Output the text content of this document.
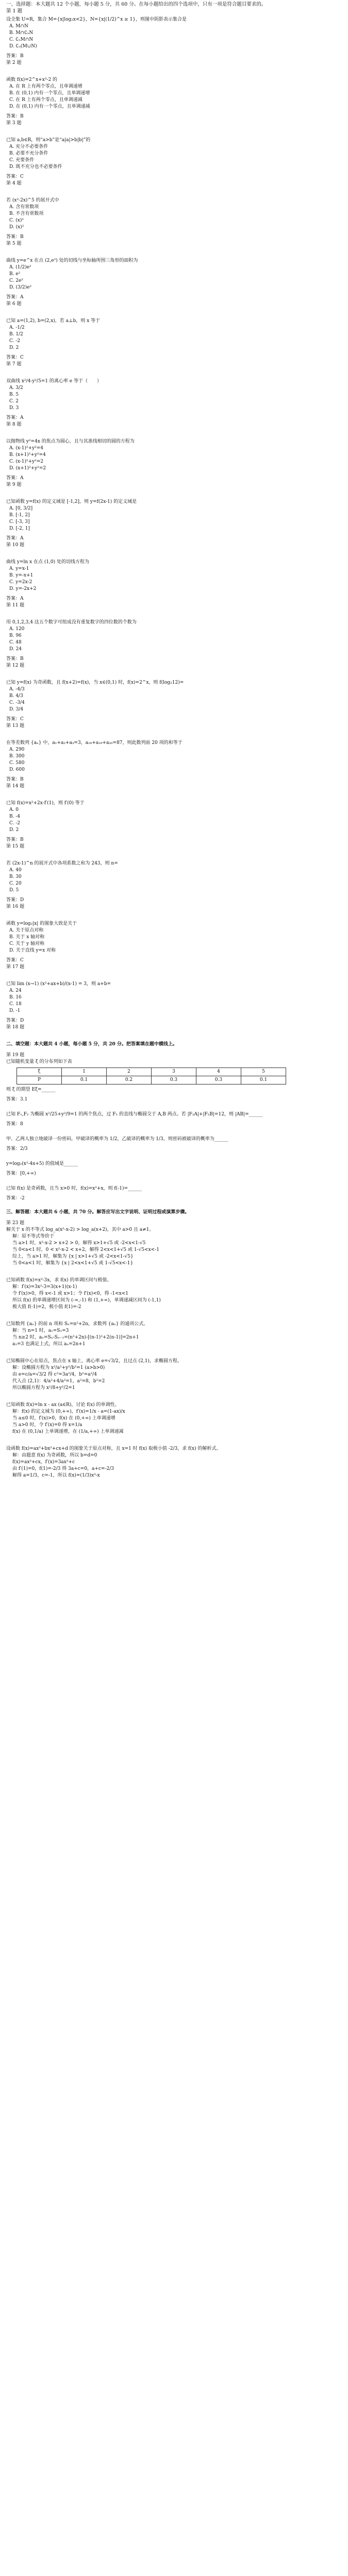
一、选择题：本大题共 12 个小题，每小题 5 分，共 60 分。在每小题给出的四个选项中，只有一项是符合题目要求的。
第 1 题
设全集 U=R，集合 M={x|log₂x<2}，N={x|(1/2)^x ≥ 1}，则图中阴影表示集合是
A. M∩N
B. M∩∁ᵤN
C. ∁ᵤM∩N
D. ∁ᵤ(M∪N)
答案：B
第 2 题
函数 f(x)=2^x+x³-2 的
A. 在 R 上有两个零点，且单调递增
B. 在 (0,1) 内有一个零点，且单调递增
C. 在 R 上有两个零点，且单调递减
D. 在 (0,1) 内有一个零点，且单调递减
答案：B
第 3 题
已知 a,b∈R，则“a>b”是“a|a|>b|b|”的
A. 充分不必要条件
B. 必要不充分条件
C. 充要条件
D. 既不充分也不必要条件
答案：C
第 4 题
若 (x²-2x)^5 的展开式中
A. 含有常数项
B. 不含有常数项
C. (x)²
D. (x)²
答案：B
第 5 题
曲线 y=e^x 在点 (2,e²) 处的切线与坐标轴所围三角形的面积为
A. (1/2)e²
B. e²
C. 2e²
D. (3/2)e²
答案：A
第 6 题
已知 a=(1,2), b=(2,x)，若 a⊥b，则 x 等于
A. -1/2
B. 1/2
C. -2
D. 2
答案：C
第 7 题
双曲线 x²/4-y²/5=1 的离心率 e 等于（　　）
A. 3/2
B. 5
C. 2
D. 3
答案：A
第 8 题
以抛物线 y²=4x 的焦点为圆心，且与其准线相切的圆的方程为
A. (x-1)²+y²=4
B. (x+1)²+y²=4
C. (x-1)²+y²=2
D. (x+1)²+y²=2
答案：A
第 9 题
已知函数 y=f(x) 的定义域是 [-1,2]，则 y=f(2x-1) 的定义域是
A. [0, 3/2]
B. [-1, 2]
C. [-3, 3]
D. [-2, 1]
答案：A
第 10 题
曲线 y=ln x 在点 (1,0) 处的切线方程为
A. y=x-1
B. y=-x+1
C. y=2x-2
D. y=-2x+2
答案：A
第 11 题
用 0,1,2,3,4 这五个数字可组成没有重复数字的四位数的个数为
A. 120
B. 96
C. 48
D. 24
答案：B
第 12 题
已知 y=f(x) 为奇函数，且 f(x+2)=f(x)，当 x∈(0,1) 时，f(x)=2^x，则 f(log₂12)=
A. -4/3
B. 4/3
C. -3/4
D. 3/4
答案：C
第 13 题
在等差数列 {aₙ} 中，a₁+a₂+a₃=3，a₁₈+a₁₉+a₂₀=87，则此数列前 20 项的和等于
A. 290
B. 300
C. 580
D. 600
答案：B
第 14 题
已知 f(x)=x²+2x·f′(1)，则 f′(0) 等于
A. 0
B. -4
C. -2
D. 2
答案：B
第 15 题
若 (2x-1)^n 的展开式中各项系数之和为 243，则 n=
A. 40
B. 30
C. 20
D. 5
答案：D
第 16 题
函数 y=log₂|x| 的图象大致是关于
A. 关于原点对称
B. 关于 x 轴对称
C. 关于 y 轴对称
D. 关于直线 y=x 对称
答案：C
第 17 题
已知 lim (x→1) (x²+ax+b)/(x-1) = 3，则 a+b=
A. 24
B. 16
C. 18
D. -1
答案：D
第 18 题
二、填空题：本大题共 4 小题，每小题 5 分，共 20 分。把答案填在题中横线上。
第 19 题
已知随机变量 ξ 的分布列如下表
ξ	1	2	3	4	5
P	0.1	0.2	0.3	0.3	0.1
则 ξ 的期望 Eξ=______
答案：3.1
已知 F₁,F₂ 为椭圆 x²/25+y²/9=1 的两个焦点，过 F₁ 的直线与椭圆交于 A,B 两点。若 |F₂A|+|F₂B|=12，则 |AB|=______
答案：8
甲、乙两人独立地破译一份密码，甲破译的概率为 1/2，乙破译的概率为 1/3，则密码被破译的概率为______
答案：2/3
y=log₂(x²-4x+5) 的值域是______
答案：[0,+∞)
已知 f(x) 是奇函数，且当 x>0 时，f(x)=x²+x，则 f(-1)=______
答案：-2
三、解答题：本大题共 6 小题，共 70 分。解答应写出文字说明、证明过程或演算步骤。
第 23 题
解关于 x 的不等式 log_a(x²-x-2) > log_a(x+2)，其中 a>0 且 a≠1。
解：原不等式等价于
当 a>1 时，x²-x-2 > x+2 > 0，解得 x>1+√5 或 -2<x<1-√5
当 0<a<1 时，0 < x²-x-2 < x+2，解得 2<x<1+√5 或 1-√5<x<-1
综上，当 a>1 时，解集为 {x | x>1+√5 或 -2<x<1-√5}
当 0<a<1 时，解集为 {x | 2<x<1+√5 或 1-√5<x<-1}
已知函数 f(x)=x³-3x，求 f(x) 的单调区间与极值。
解：f′(x)=3x²-3=3(x+1)(x-1)
令 f′(x)>0，得 x<-1 或 x>1；令 f′(x)<0，得 -1<x<1
所以 f(x) 的单调递增区间为 (-∞,-1) 和 (1,+∞)，单调递减区间为 (-1,1)
极大值 f(-1)=2，极小值 f(1)=-2
已知数列 {aₙ} 的前 n 项和 Sₙ=n²+2n，求数列 {aₙ} 的通项公式。
解：当 n=1 时，a₁=S₁=3
当 n≥2 时，aₙ=Sₙ-Sₙ₋₁=(n²+2n)-[(n-1)²+2(n-1)]=2n+1
a₁=3 也满足上式，所以 aₙ=2n+1
已知椭圆中心在原点，焦点在 x 轴上，离心率 e=√3/2，且过点 (2,1)，求椭圆方程。
解：设椭圆方程为 x²/a²+y²/b²=1 (a>b>0)
由 e=c/a=√3/2 得 c²=3a²/4，b²=a²/4
代入点 (2,1)：4/a²+4/a²=1，a²=8，b²=2
所以椭圆方程为 x²/8+y²/2=1
已知函数 f(x)=ln x - ax (a∈R)，讨论 f(x) 的单调性。
解：f(x) 的定义域为 (0,+∞)，f′(x)=1/x - a=(1-ax)/x
当 a≤0 时，f′(x)>0，f(x) 在 (0,+∞) 上单调递增
当 a>0 时，令 f′(x)=0 得 x=1/a
f(x) 在 (0,1/a) 上单调递增，在 (1/a,+∞) 上单调递减
设函数 f(x)=ax³+bx²+cx+d 的图象关于原点对称，且 x=1 时 f(x) 取极小值 -2/3，求 f(x) 的解析式。
解：由题意 f(x) 为奇函数，所以 b=d=0
f(x)=ax³+cx，f′(x)=3ax²+c
由 f′(1)=0，f(1)=-2/3 得 3a+c=0，a+c=-2/3
解得 a=1/3，c=-1，所以 f(x)=(1/3)x³-x
